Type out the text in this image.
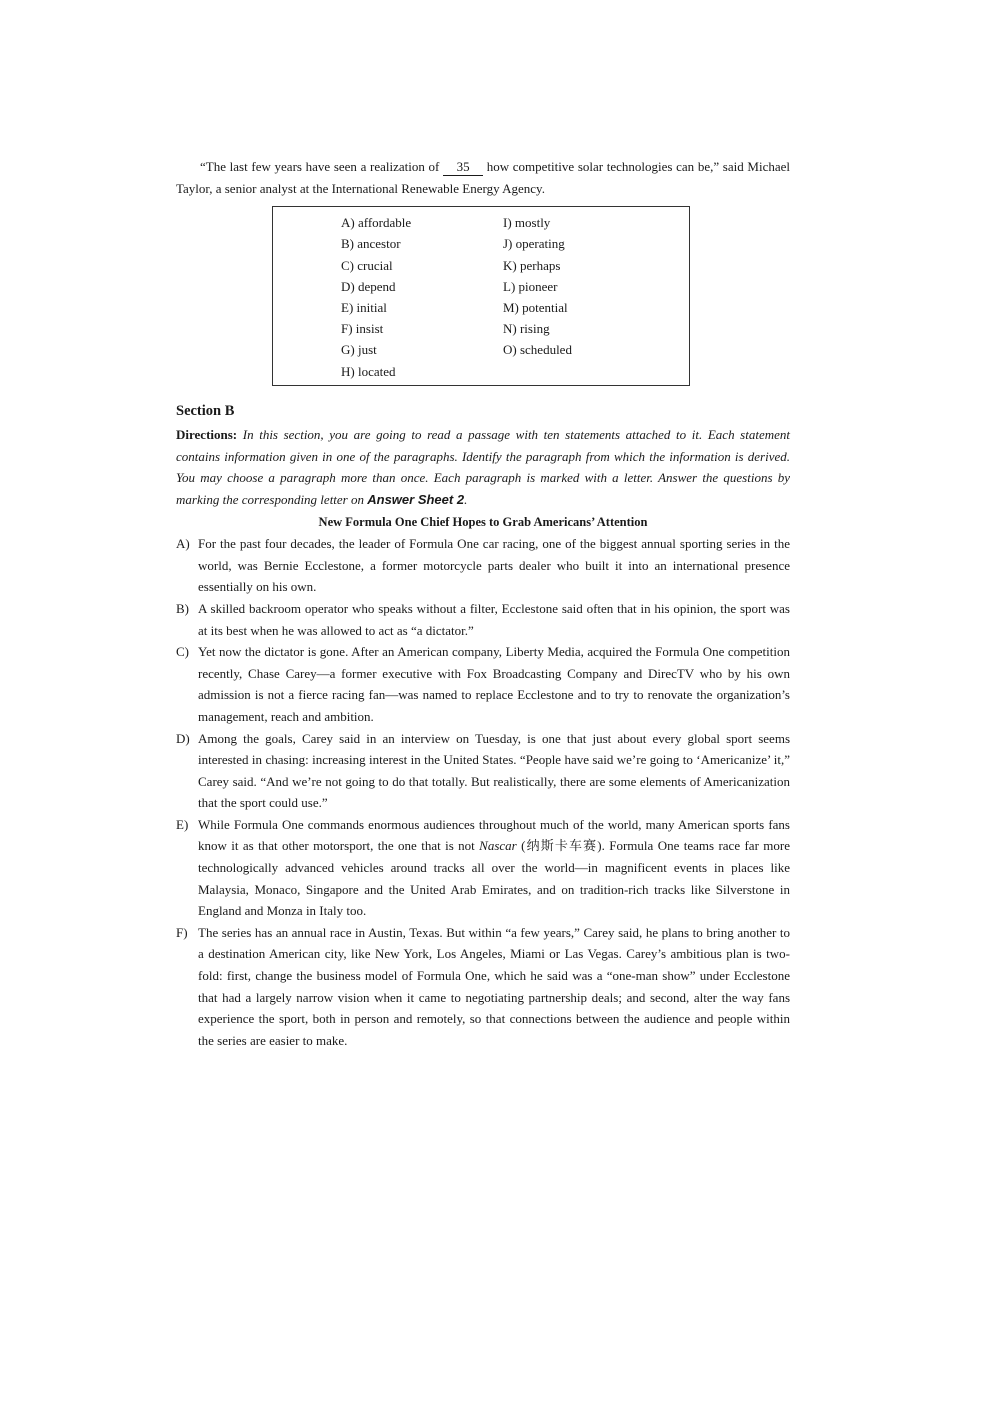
“The last few years have seen a realization of 35 how competitive solar technologies can be,” said Michael Taylor, a senior analyst at the International Renewable Energy Agency.

A) affordable
B) ancestor
C) crucial
D) depend
E) initial
F) insist
G) just
H) located
I) mostly
J) operating
K) perhaps
L) pioneer
M) potential
N) rising
O) scheduled
Section B

Directions: In this section, you are going to read a passage with ten statements attached to it. Each statement contains information given in one of the paragraphs. Identify the paragraph from which the information is derived. You may choose a paragraph more than once. Each paragraph is marked with a letter. Answer the questions by marking the corresponding letter on Answer Sheet 2.

New Formula One Chief Hopes to Grab Americans’ Attention

A) For the past four decades, the leader of Formula One car racing, one of the biggest annual sporting series in the world, was Bernie Ecclestone, a former motorcycle parts dealer who built it into an international presence essentially on his own.

B) A skilled backroom operator who speaks without a filter, Ecclestone said often that in his opinion, the sport was at its best when he was allowed to act as “a dictator.”

C) Yet now the dictator is gone. After an American company, Liberty Media, acquired the Formula One competition recently, Chase Carey—a former executive with Fox Broadcasting Company and DirecTV who by his own admission is not a fierce racing fan—was named to replace Ecclestone and to try to renovate the organization’s management, reach and ambition.

D) Among the goals, Carey said in an interview on Tuesday, is one that just about every global sport seems interested in chasing: increasing interest in the United States. “People have said we’re going to ‘Americanize’ it,” Carey said. “And we’re not going to do that totally. But realistically, there are some elements of Americanization that the sport could use.”

E) While Formula One commands enormous audiences throughout much of the world, many American sports fans know it as that other motorsport, the one that is not Nascar (纳斯卡车赛). Formula One teams race far more technologically advanced vehicles around tracks all over the world—in magnificent events in places like Malaysia, Monaco, Singapore and the United Arab Emirates, and on tradition-rich tracks like Silverstone in England and Monza in Italy too.

F) The series has an annual race in Austin, Texas. But within “a few years,” Carey said, he plans to bring another to a destination American city, like New York, Los Angeles, Miami or Las Vegas. Carey’s ambitious plan is two-fold: first, change the business model of Formula One, which he said was a “one-man show” under Ecclestone that had a largely narrow vision when it came to negotiating partnership deals; and second, alter the way fans experience the sport, both in person and remotely, so that connections between the audience and people within the series are easier to make.
